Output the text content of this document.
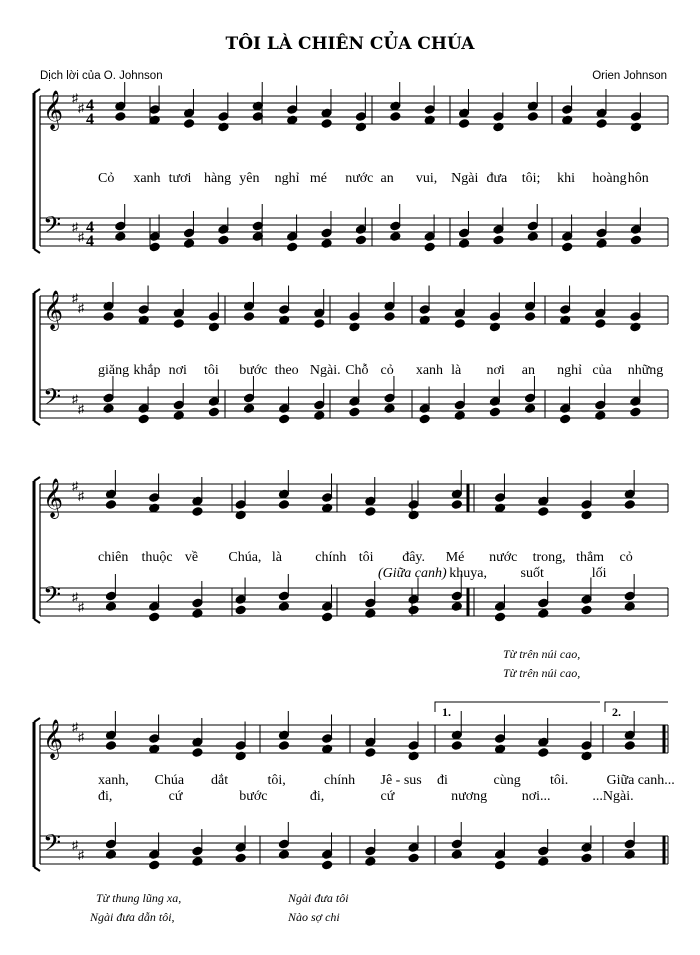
TÔI LÀ CHIÊN CỦA CHÚA
Dịch lời của O. Johnson	Orien Johnson
𝄞
𝄢
♯
♯
♯
♯
4
4
4
4
𝄞
𝄢
♯
♯
♯
♯
𝄞
𝄢
♯
♯
♯
♯
𝄞
𝄢
♯
♯
♯
♯
1.	2.
Cỏ xanh tươi hàng yên nghỉ mé nước an vui, Ngài đưa tôi; khi hoàng hôn
giăng khắp nơi tôi bước theo Ngài. Chỗ cỏ xanh là nơi an nghỉ của những
chiên thuộc về Chúa, là chính tôi đây. Mé nước trong, thẳm cỏ
(Giữa canh) khuya, suốt	lối
Từ trên núi cao,
Từ trên núi cao,
xanh, Chúa dắt	tôi,	chính Jê - sus đi	cùng tôi.	Giữa canh...
đi,	cứ	bước	đi,	cứ	nương nơi...	...Ngài.
Từ thung lũng xa,
Ngài đưa dẫn tôi,
Ngài đưa tôi
Nào sợ chi
